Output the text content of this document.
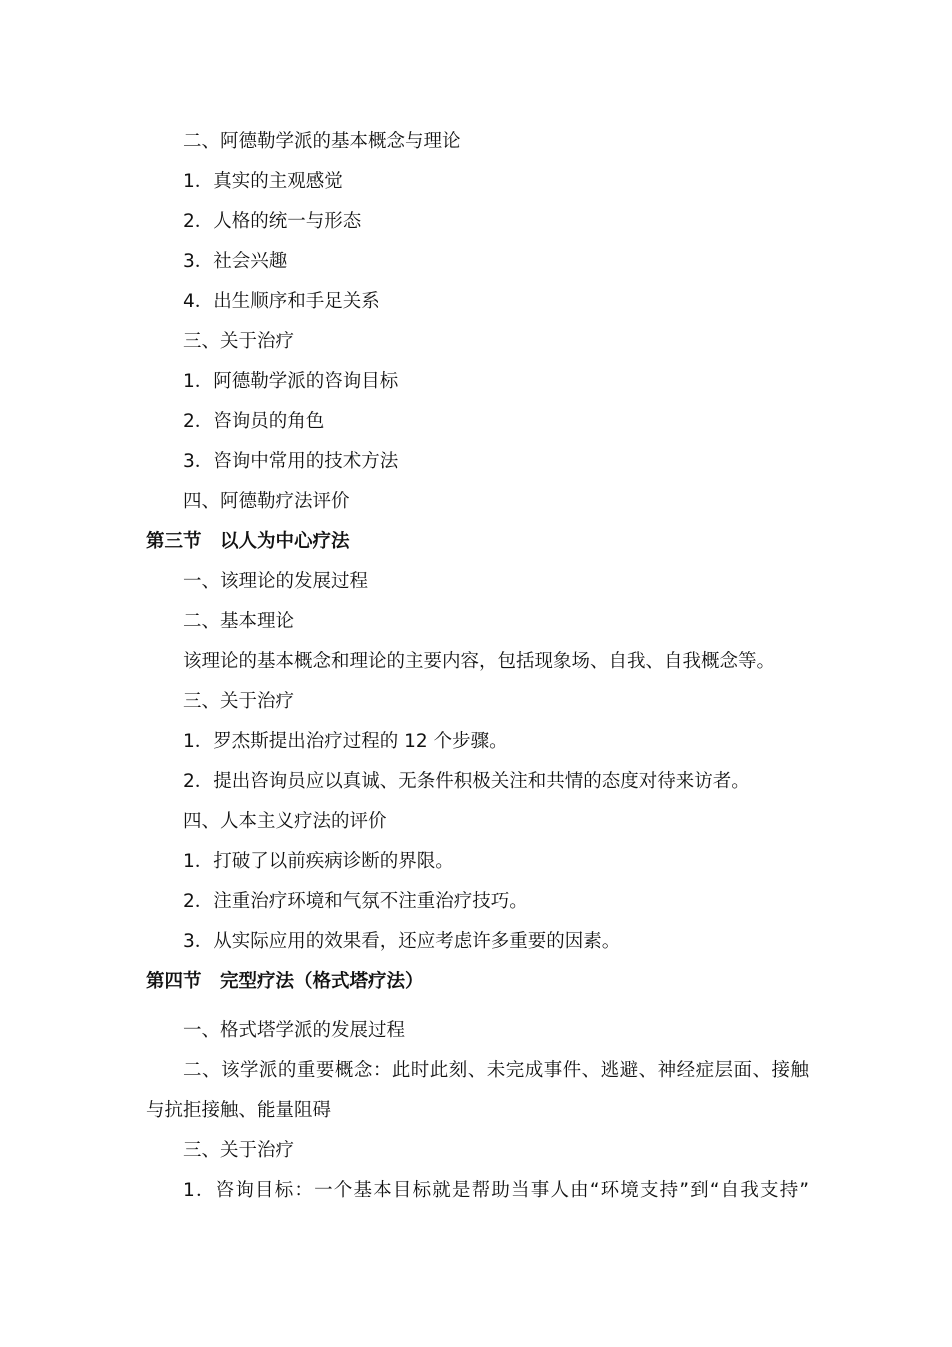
二、阿德勒学派的基本概念与理论
1．真实的主观感觉
2．人格的统一与形态
3．社会兴趣
4．出生顺序和手足关系
三、关于治疗
1．阿德勒学派的咨询目标
2．咨询员的角色
3．咨询中常用的技术方法
四、阿德勒疗法评价
第三节　以人为中心疗法
一、该理论的发展过程
二、基本理论
该理论的基本概念和理论的主要内容，包括现象场、自我、自我概念等。
三、关于治疗
1．罗杰斯提出治疗过程的 12 个步骤。
2．提出咨询员应以真诚、无条件积极关注和共情的态度对待来访者。
四、人本主义疗法的评价
1．打破了以前疾病诊断的界限。
2．注重治疗环境和气氛不注重治疗技巧。
3．从实际应用的效果看，还应考虑许多重要的因素。
第四节　完型疗法（格式塔疗法）
一、格式塔学派的发展过程
二、该学派的重要概念：此时此刻、未完成事件、逃避、神经症层面、接触
与抗拒接触、能量阻碍
三、关于治疗
1．咨询目标：一个基本目标就是帮助当事人由“环境支持”到“自我支持”
